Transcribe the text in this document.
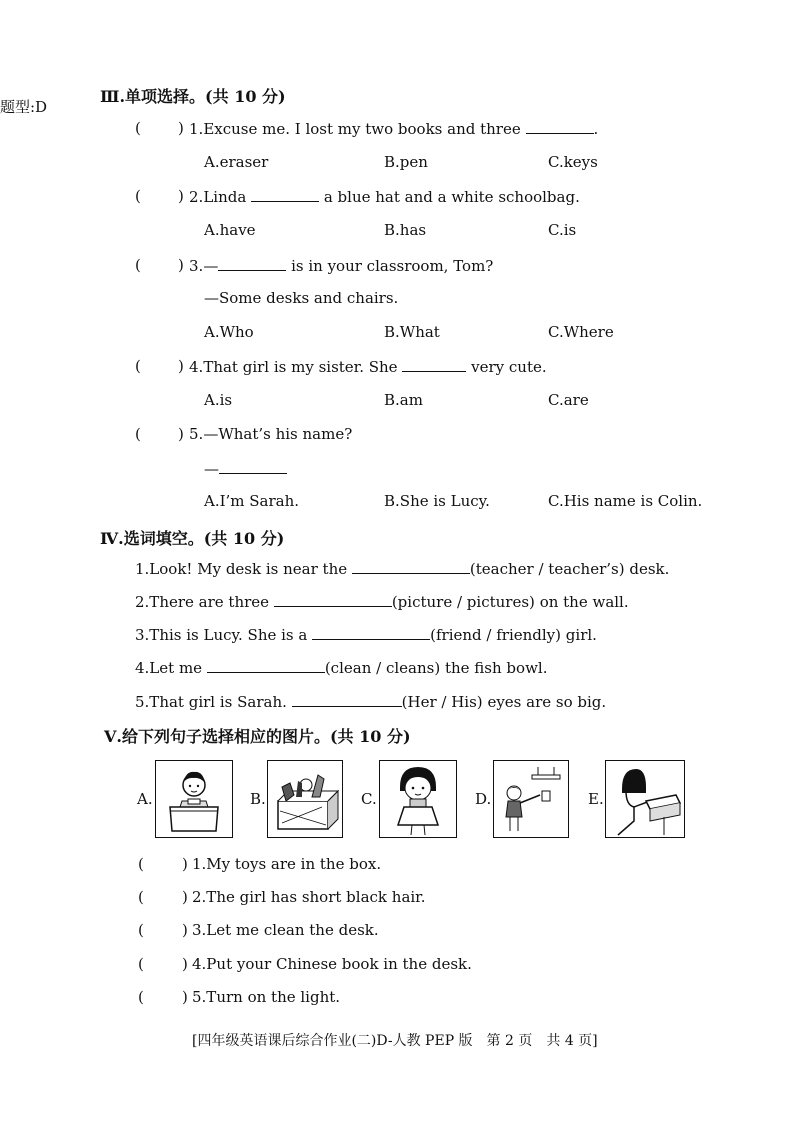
题型:D
Ⅲ.单项选择。(共 10 分)
( ) 1.Excuse me. I lost my two books and three	.
A.eraser	B.pen	C.keys
( ) 2.Linda	a blue hat and a white schoolbag.
A.have	B.has	C.is
( ) 3.—	is in your classroom, Tom?
—Some desks and chairs.
A.Who	B.What	C.Where
( ) 4.That girl is my sister. She	very cute.
A.is	B.am	C.are
( ) 5.—What’s his name?
—
A.I’m Sarah.	B.She is Lucy.	C.His name is Colin.
Ⅳ.选词填空。(共 10 分)
1.Look! My desk is near the	(teacher / teacher’s) desk.
2.There are three	(picture / pictures) on the wall.
3.This is Lucy. She is a	(friend / friendly) girl.
4.Let me	(clean / cleans) the fish bowl.
5.That girl is Sarah.	(Her / His) eyes are so big.
Ⅴ.给下列句子选择相应的图片。(共 10 分)
A.	B.	C.	D.	E.
(	) 1.My toys are in the box.
(	) 2.The girl has short black hair.
(	) 3.Let me clean the desk.
(	) 4.Put your Chinese book in the desk.
(	) 5.Turn on the light.
[四年级英语课后综合作业(二)D-人教 PEP 版　第 2 页　共 4 页]
